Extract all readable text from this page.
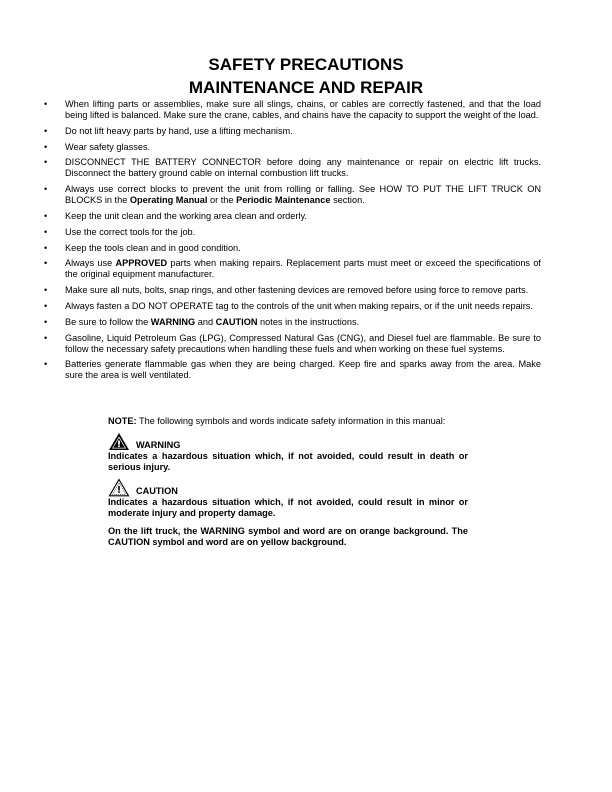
SAFETY PRECAUTIONS
MAINTENANCE AND REPAIR
• When lifting parts or assemblies, make sure all slings, chains, or cables are correctly fastened, and that the load being lifted is balanced. Make sure the crane, cables, and chains have the capacity to support the weight of the load.
• Do not lift heavy parts by hand, use a lifting mechanism.
• Wear safety glasses.
• DISCONNECT THE BATTERY CONNECTOR before doing any maintenance or repair on electric lift trucks. Disconnect the battery ground cable on internal combustion lift trucks.
• Always use correct blocks to prevent the unit from rolling or falling. See HOW TO PUT THE LIFT TRUCK ON BLOCKS in the Operating Manual or the Periodic Maintenance section.
• Keep the unit clean and the working area clean and orderly.
• Use the correct tools for the job.
• Keep the tools clean and in good condition.
• Always use APPROVED parts when making repairs. Replacement parts must meet or exceed the specifications of the original equipment manufacturer.
• Make sure all nuts, bolts, snap rings, and other fastening devices are removed before using force to remove parts.
• Always fasten a DO NOT OPERATE tag to the controls of the unit when making repairs, or if the unit needs repairs.
• Be sure to follow the WARNING and CAUTION notes in the instructions.
• Gasoline, Liquid Petroleum Gas (LPG), Compressed Natural Gas (CNG), and Diesel fuel are flammable. Be sure to follow the necessary safety precautions when handling these fuels and when working on these fuel systems.
• Batteries generate flammable gas when they are being charged. Keep fire and sparks away from the area. Make sure the area is well ventilated.

NOTE: The following symbols and words indicate safety information in this manual:

WARNING

Indicates a hazardous situation which, if not avoided, could result in death or serious injury.

CAUTION

Indicates a hazardous situation which, if not avoided, could result in minor or moderate injury and property damage.

On the lift truck, the WARNING symbol and word are on orange background. The CAUTION symbol and word are on yellow background.
